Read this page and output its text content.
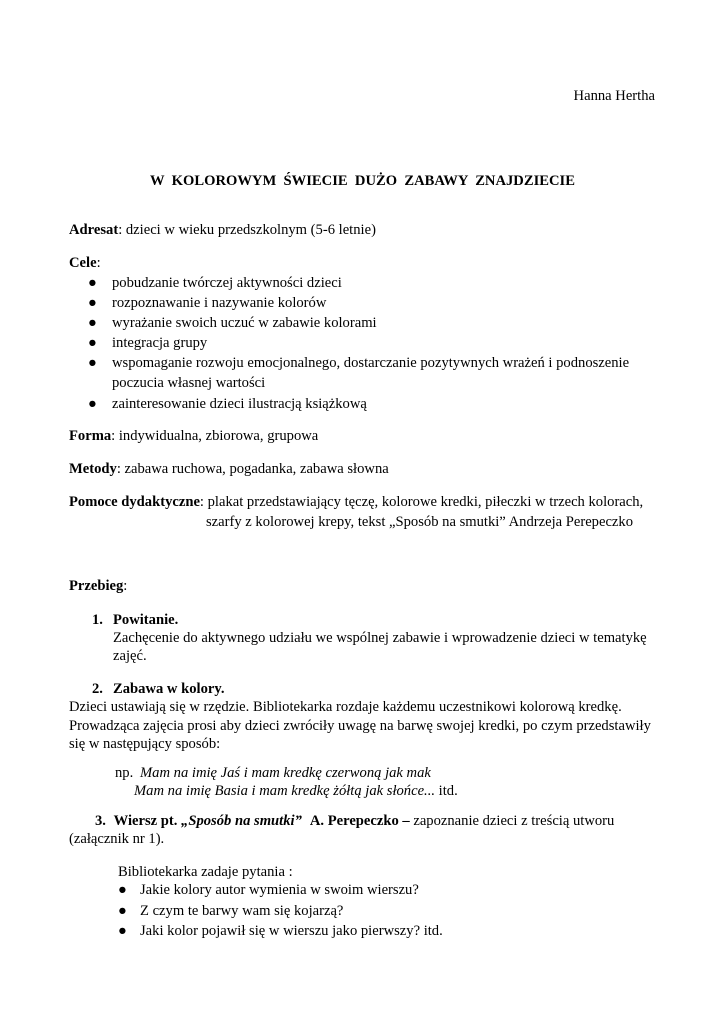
Hanna Hertha
W  KOLOROWYM  ŚWIECIE  DUŻO  ZABAWY  ZNAJDZIECIE
Adresat: dzieci w wieku przedszkolnym (5-6 letnie)
Cele:
● pobudzanie twórczej aktywności dzieci
● rozpoznawanie i nazywanie kolorów
● wyrażanie swoich uczuć w zabawie kolorami
● integracja grupy
● wspomaganie rozwoju emocjonalnego, dostarczanie pozytywnych wrażeń i podnoszenie
poczucia własnej wartości
● zainteresowanie dzieci ilustracją książkową
Forma: indywidualna, zbiorowa, grupowa
Metody: zabawa ruchowa, pogadanka, zabawa słowna
Pomoce dydaktyczne: plakat przedstawiający tęczę, kolorowe kredki, piłeczki w trzech kolorach,
szarfy z kolorowej krepy, tekst „Sposób na smutki” Andrzeja Perepeczko
Przebieg:
1. Powitanie.
Zachęcenie do aktywnego udziału we wspólnej zabawie i wprowadzenie dzieci w tematykę
zajęć.
2. Zabawa w kolory.
Dzieci ustawiają się w rzędzie. Bibliotekarka rozdaje każdemu uczestnikowi kolorową kredkę.
Prowadząca zajęcia prosi aby dzieci zwróciły uwagę na barwę swojej kredki, po czym przedstawiły
się w następujący sposób:
np. Mam na imię Jaś i mam kredkę czerwoną jak mak
Mam na imię Basia i mam kredkę żółtą jak słońce... itd.
3. Wiersz pt. „Sposób na smutki” A. Perepeczko – zapoznanie dzieci z treścią utworu
(załącznik nr 1).
Bibliotekarka zadaje pytania :
● Jakie kolory autor wymienia w swoim wierszu?
● Z czym te barwy wam się kojarzą?
● Jaki kolor pojawił się w wierszu jako pierwszy? itd.
